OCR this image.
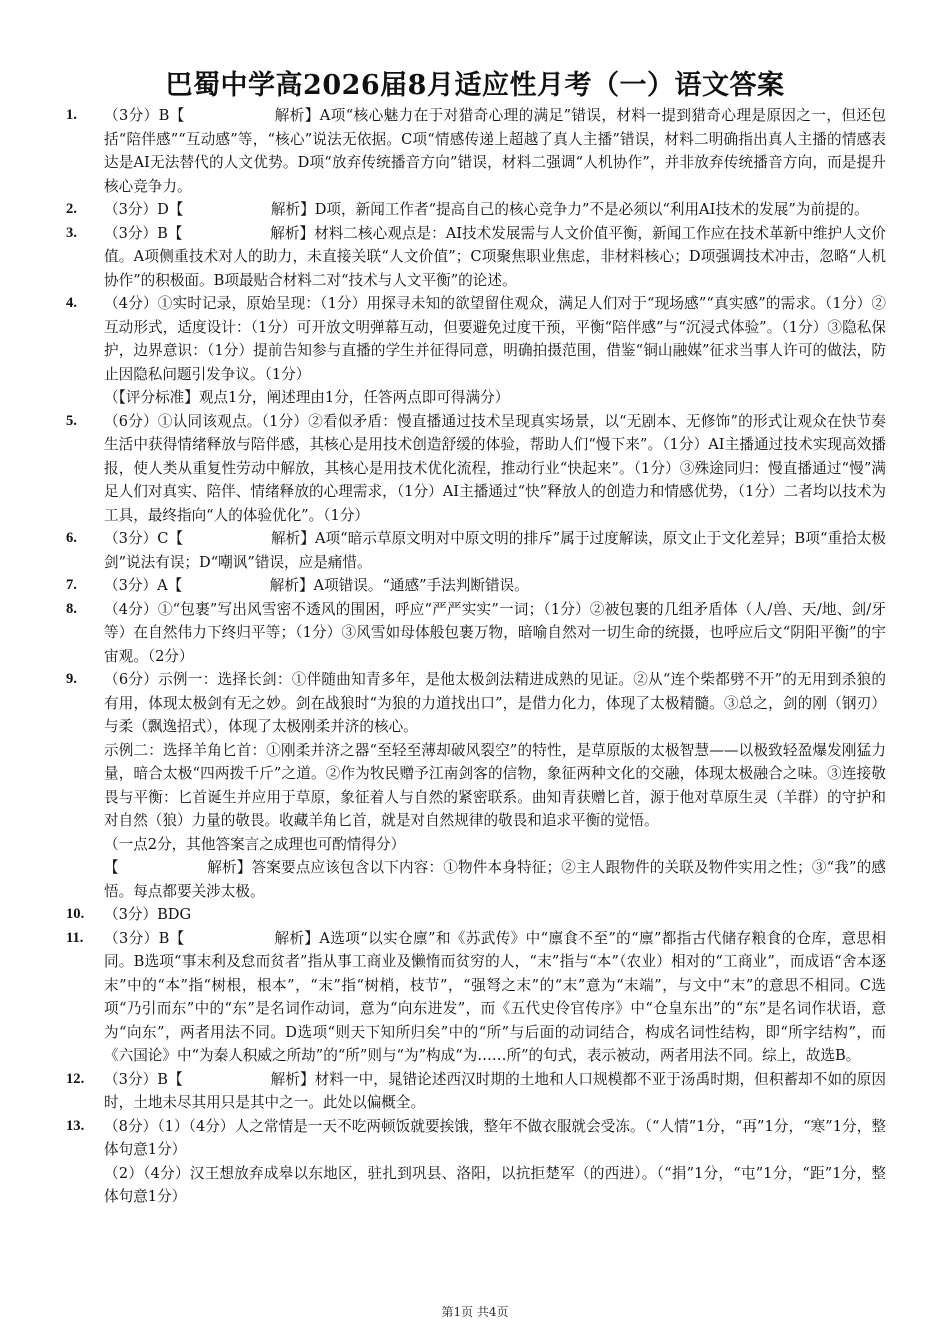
巴蜀中学高2026届8月适应性月考（一）语文答案
1. （3分）B【　　　　　　解析】A项“核心魅力在于对猎奇心理的满足”错误，材料一提到猎奇心理是原因之一，但还包括“陪伴感”“互动感”等，“核心”说法无依据。C项“情感传递上超越了真人主播”错误，材料二明确指出真人主播的情感表达是AI无法替代的人文优势。D项“放弃传统播音方向”错误，材料二强调“人机协作”，并非放弃传统播音方向，而是提升核心竞争力。

2. （3分）D【　　　　　　解析】D项，新闻工作者“提高自己的核心竞争力”不是必须以“利用AI技术的发展”为前提的。

3. （3分）B【　　　　　　解析】材料二核心观点是：AI技术发展需与人文价值平衡，新闻工作应在技术革新中维护人文价值。A项侧重技术对人的助力，未直接关联“人文价值”；C项聚焦职业焦虑，非材料核心；D项强调技术冲击，忽略“人机协作”的积极面。B项最贴合材料二对“技术与人文平衡”的论述。

4. （4分）①实时记录，原始呈现：（1分）用探寻未知的欲望留住观众，满足人们对于“现场感”“真实感”的需求。（1分）②互动形式，适度设计：（1分）可开放文明弹幕互动，但要避免过度干预，平衡“陪伴感”与“沉浸式体验”。（1分）③隐私保护，边界意识：（1分）提前告知参与直播的学生并征得同意，明确拍摄范围，借鉴“铜山融媒”征求当事人许可的做法，防止因隐私问题引发争议。（1分）

（【评分标准】观点1分，阐述理由1分，任答两点即可得满分）

5. （6分）①认同该观点。（1分）②看似矛盾：慢直播通过技术呈现真实场景，以“无剧本、无修饰”的形式让观众在快节奏生活中获得情绪释放与陪伴感，其核心是用技术创造舒缓的体验，帮助人们“慢下来”。（1分）AI主播通过技术实现高效播报，使人类从重复性劳动中解放，其核心是用技术优化流程，推动行业“快起来”。（1分）③殊途同归：慢直播通过“慢”满足人们对真实、陪伴、情绪释放的心理需求，（1分）AI主播通过“快”释放人的创造力和情感优势，（1分）二者均以技术为工具，最终指向“人的体验优化”。（1分）

6. （3分）C【　　　　　　解析】A项“暗示草原文明对中原文明的排斥”属于过度解读，原文止于文化差异；B项“重拾太极剑”说法有误；D“嘲讽”错误，应是痛惜。

7. （3分）A【　　　　　　解析】A项错误。“通感”手法判断错误。

8. （4分）①“包裹”写出风雪密不透风的围困，呼应“严严实实”一词；（1分）②被包裹的几组矛盾体（人/兽、天/地、剑/牙等）在自然伟力下终归平等；（1分）③风雪如母体般包裹万物，暗喻自然对一切生命的统摄，也呼应后文“阴阳平衡”的宇宙观。（2分）

9. （6分）示例一：选择长剑：①伴随曲知青多年，是他太极剑法精进成熟的见证。②从“连个柴都劈不开”的无用到杀狼的有用，体现太极剑有无之妙。剑在战狼时“为狼的力道找出口”，是借力化力，体现了太极精髓。③总之，剑的刚（钢刃）与柔（飘逸招式），体现了太极刚柔并济的核心。

示例二：选择羊角匕首：①刚柔并济之器“至轻至薄却破风裂空”的特性，是草原版的太极智慧——以极致轻盈爆发刚猛力量，暗合太极“四两拨千斤”之道。②作为牧民赠予江南剑客的信物，象征两种文化的交融，体现太极融合之味。③连接敬畏与平衡：匕首诞生并应用于草原，象征着人与自然的紧密联系。曲知青获赠匕首，源于他对草原生灵（羊群）的守护和对自然（狼）力量的敬畏。收藏羊角匕首，就是对自然规律的敬畏和追求平衡的觉悟。

（一点2分，其他答案言之成理也可酌情得分）

【　　　　　　解析】答案要点应该包含以下内容：①物件本身特征；②主人跟物件的关联及物件实用之性；③“我”的感悟。每点都要关涉太极。

10. （3分）BDG

11. （3分）B【　　　　　　解析】A选项“以实仓廪”和《苏武传》中“廪食不至”的“廪”都指古代储存粮食的仓库，意思相同。B选项“事末利及怠而贫者”指从事工商业及懒惰而贫穷的人，“末”指与“本”（农业）相对的“工商业”，而成语“舍本逐末”中的“本”指“树根，根本”，“末”指“树梢，枝节”，“强弩之末”的“末”意为“末端”，与文中“末”的意思不相同。C选项“乃引而东”中的“东”是名词作动词，意为“向东进发”，而《五代史伶官传序》中“仓皇东出”的“东”是名词作状语，意为“向东”，两者用法不同。D选项“则天下知所归矣”中的“所”与后面的动词结合，构成名词性结构，即“所字结构”，而《六国论》中“为秦人积威之所劫”的“所”则与“为”构成“为……所”的句式，表示被动，两者用法不同。综上，故选B。

12. （3分）B【　　　　　　解析】材料一中，晁错论述西汉时期的土地和人口规模都不亚于汤禹时期，但积蓄却不如的原因时，土地未尽其用只是其中之一。此处以偏概全。

13. （8分）（1）（4分）人之常情是一天不吃两顿饭就要挨饿，整年不做衣服就会受冻。（“人情”1分，“再”1分，“寒”1分，整体句意1分）

（2）（4分）汉王想放弃成皋以东地区，驻扎到巩县、洛阳，以抗拒楚军（的西进）。（“捐”1分，“屯”1分，“距”1分，整体句意1分）

第1页 共4页
